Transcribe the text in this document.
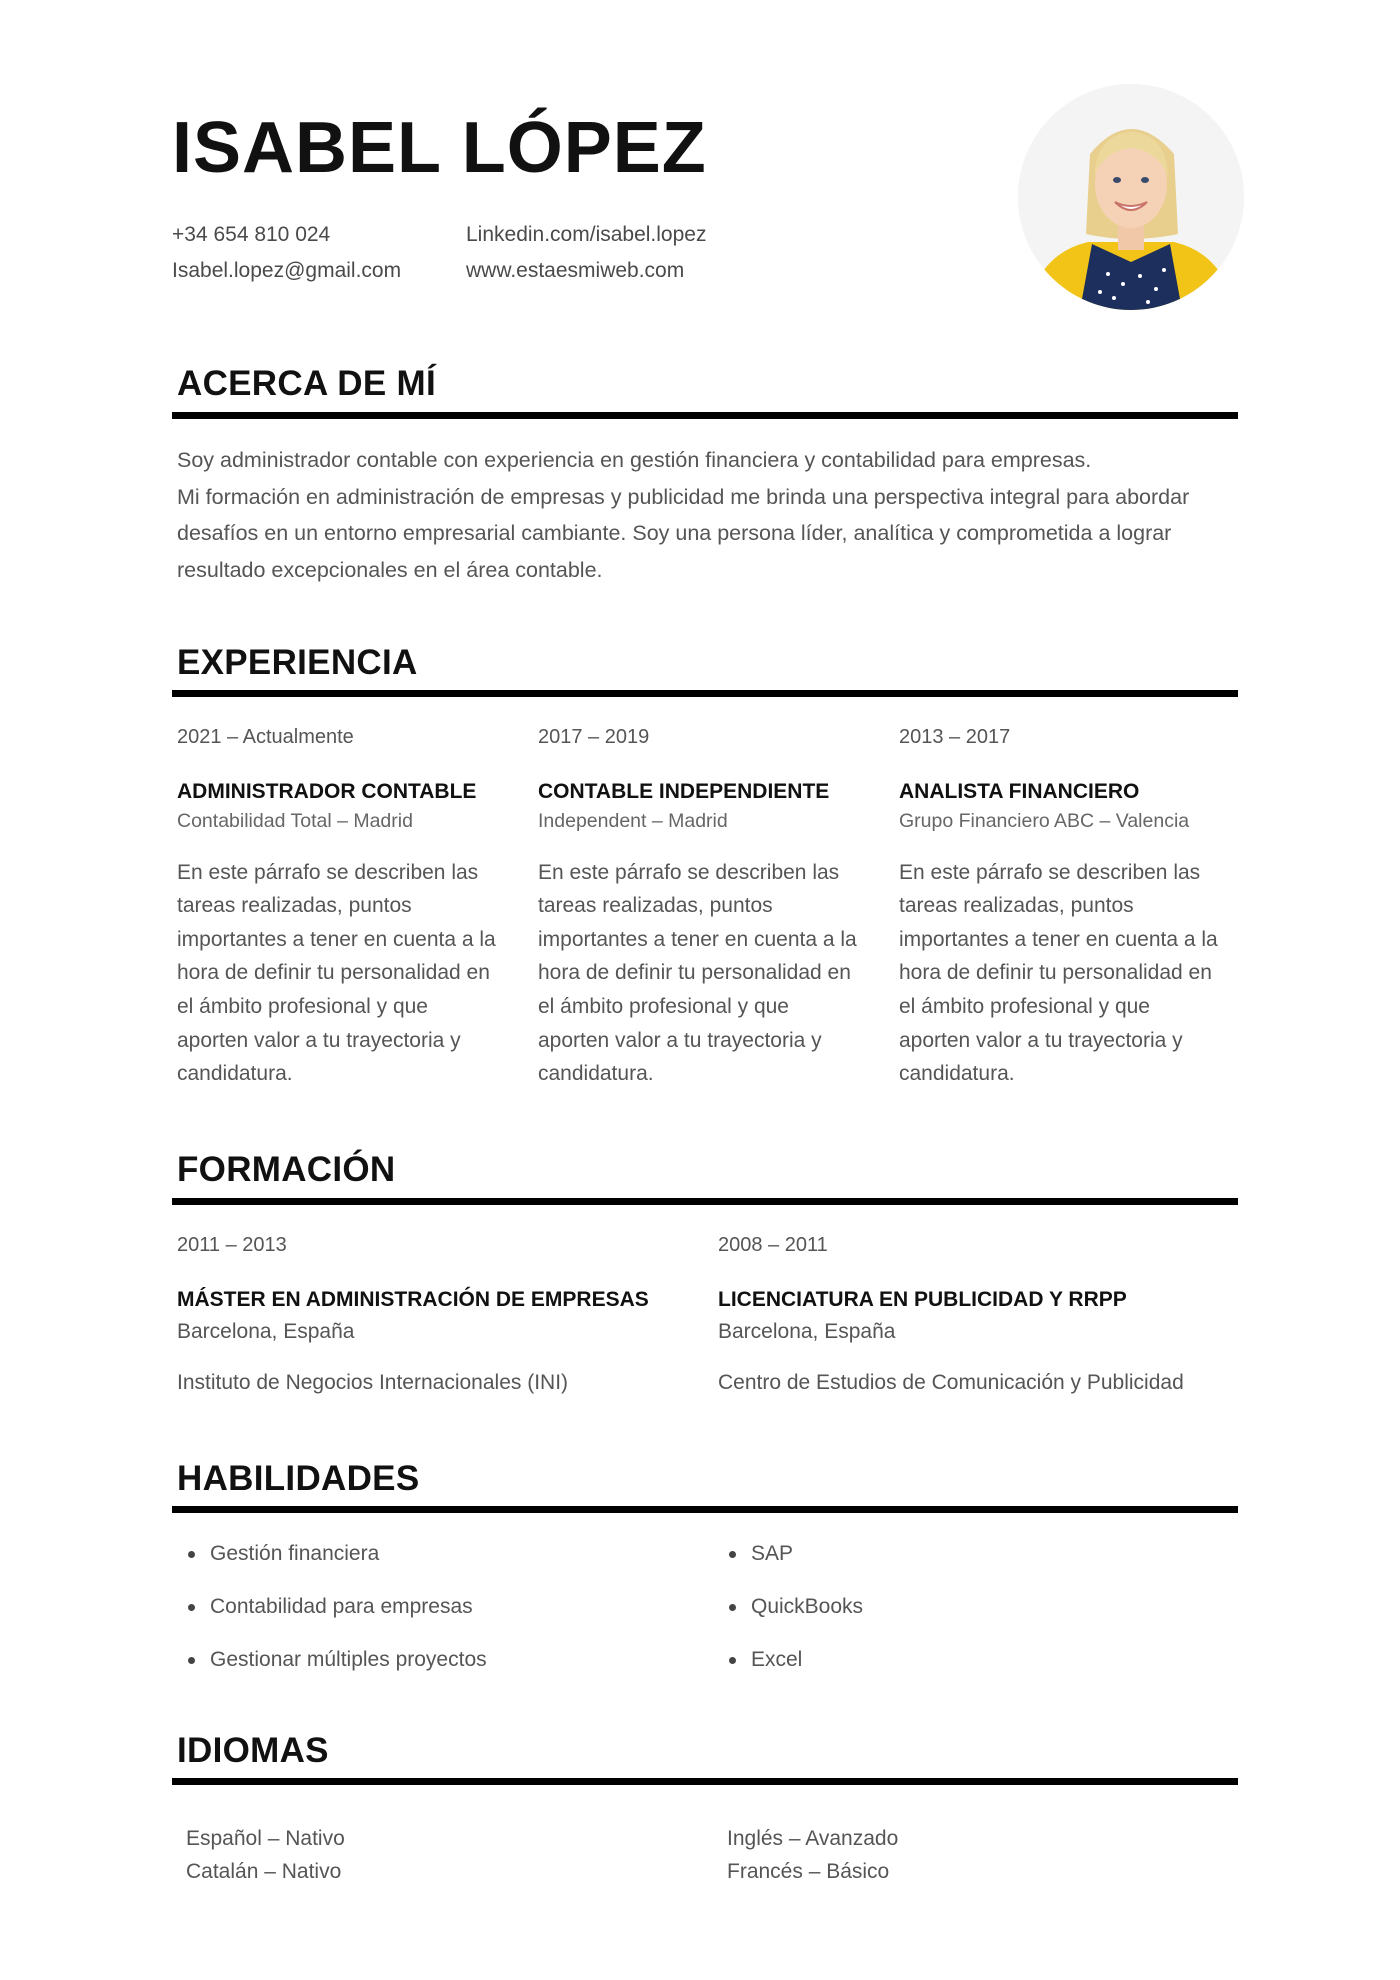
ISABEL LÓPEZ
+34 654 810 024
Isabel.lopez@gmail.com
Linkedin.com/isabel.lopez
www.estaesmiweb.com
ACERCA DE MÍ

Soy administrador contable con experiencia en gestión financiera y contabilidad para empresas.

Mi formación en administración de empresas y publicidad me brinda una perspectiva integral para abordar desafíos en un entorno empresarial cambiante. Soy una persona líder, analítica y comprometida a lograr resultado excepcionales en el área contable.

EXPERIENCIA
2021 – Actualmente
ADMINISTRADOR CONTABLE
Contabilidad Total – Madrid
En este párrafo se describen las tareas realizadas, puntos importantes a tener en cuenta a la hora de definir tu personalidad en el ámbito profesional y que aporten valor a tu trayectoria y candidatura.
2017 – 2019
CONTABLE INDEPENDIENTE
Independent – Madrid
En este párrafo se describen las tareas realizadas, puntos importantes a tener en cuenta a la hora de definir tu personalidad en el ámbito profesional y que aporten valor a tu trayectoria y candidatura.
2013 – 2017
ANALISTA FINANCIERO
Grupo Financiero ABC – Valencia
En este párrafo se describen las tareas realizadas, puntos importantes a tener en cuenta a la hora de definir tu personalidad en el ámbito profesional y que aporten valor a tu trayectoria y candidatura.
FORMACIÓN
2011 – 2013
MÁSTER EN ADMINISTRACIÓN DE EMPRESAS
Barcelona, España
Instituto de Negocios Internacionales (INI)
2008 – 2011
LICENCIATURA EN PUBLICIDAD Y RRPP
Barcelona, España
Centro de Estudios de Comunicación y Publicidad
HABILIDADES
Gestión financiera
Contabilidad para empresas
Gestionar múltiples proyectos
SAP
QuickBooks
Excel
IDIOMAS
Español – Nativo
Catalán – Nativo
Inglés – Avanzado
Francés – Básico
